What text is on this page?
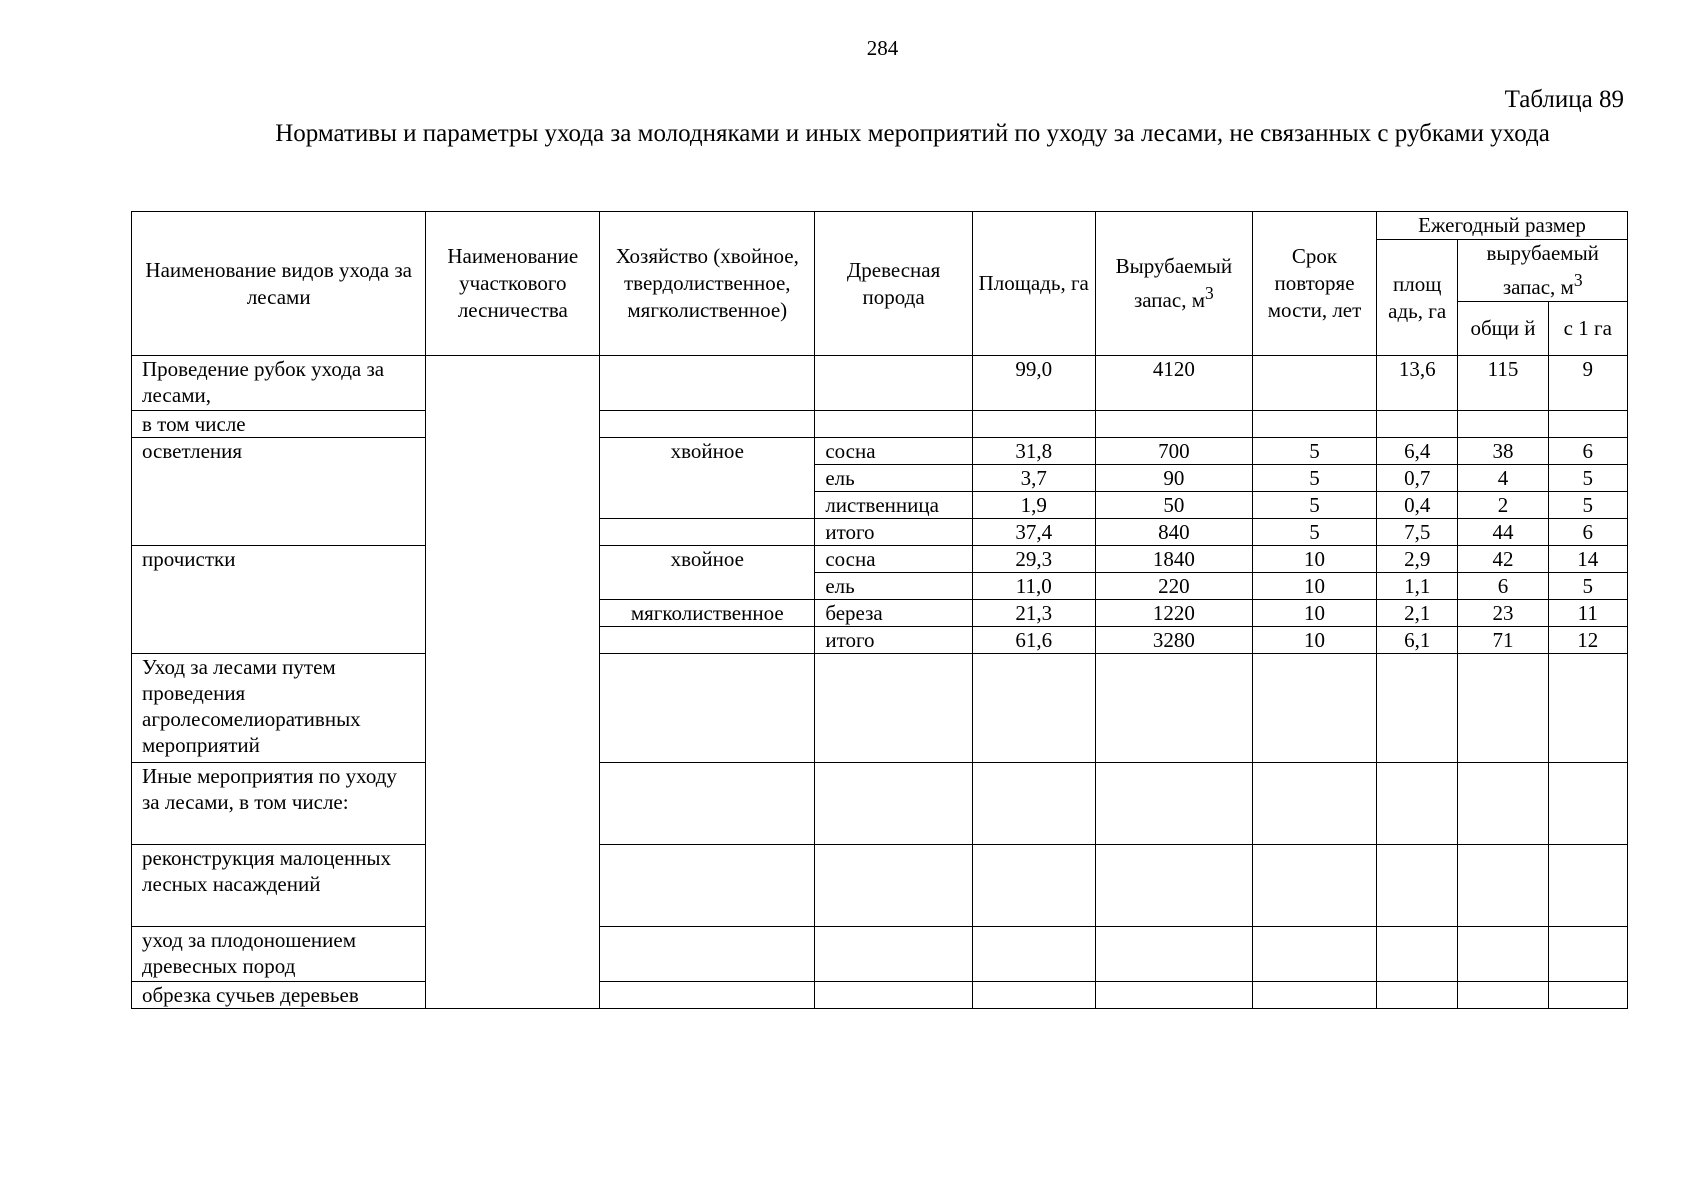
284
Таблица 89
Нормативы и параметры ухода за молодняками и иных мероприятий по уходу за лесами, не связанных с рубками ухода
Наименование видов ухода за лесами	Наименование участкового лесничества	Хозяйство (хвойное, твердолиственное, мягколиственное)	Древесная порода	Площадь, га	Вырубаемый запас, $м^3$	Срок повторяе мости, лет	Ежегодный размер		
							площ адь, га	вырубаемый запас, $м^3$
								общи й	с 1 га
Проведение рубок ухода за лесами,				99,0	4120		13,6	115	9
в том числе									
осветления		хвойное	сосна	31,8	700	5	6,4	38	6
			ель	3,7	90	5	0,7	4	5
			лиственница	1,9	50	5	0,4	2	5
			итого	37,4	840	5	7,5	44	6
прочистки		хвойное	сосна	29,3	1840	10	2,9	42	14
			ель	11,0	220	10	1,1	6	5
		мягколиственное	береза	21,3	1220	10	2,1	23	11
			итого	61,6	3280	10	6,1	71	12
Уход за лесами путем проведения агролесомелиоративных мероприятий									
Иные мероприятия по уходу за лесами, в том числе:									
реконструкция малоценных лесных насаждений									
уход за плодоношением древесных пород									
обрезка сучьев деревьев									
